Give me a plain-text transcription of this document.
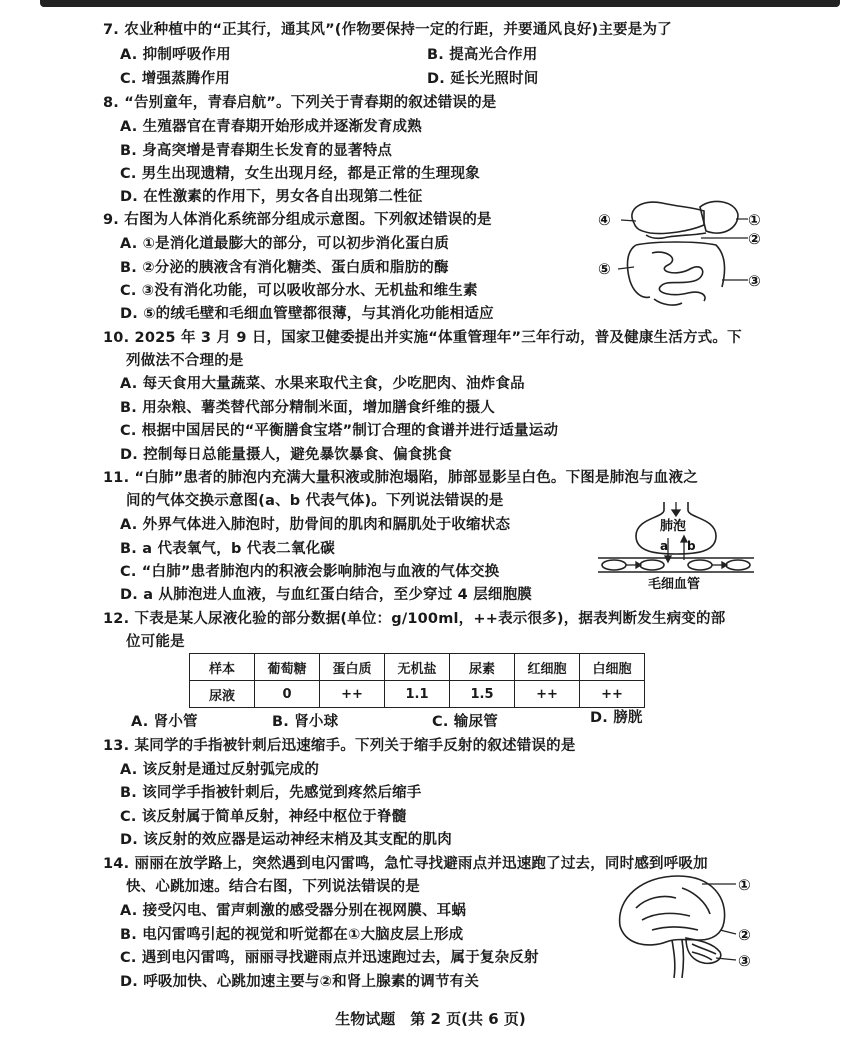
7. 农业种植中的“正其行，通其风”(作物要保持一定的行距，并要通风良好)主要是为了
A. 抑制呼吸作用	B. 提高光合作用
C. 增强蒸腾作用	D. 延长光照时间
8. “告别童年，青春启航”。下列关于青春期的叙述错误的是
A. 生殖器官在青春期开始形成并逐渐发育成熟
B. 身高突增是青春期生长发育的显著特点
C. 男生出现遗精，女生出现月经，都是正常的生理现象
D. 在性激素的作用下，男女各自出现第二性征
9. 右图为人体消化系统部分组成示意图。下列叙述错误的是
A. ①是消化道最膨大的部分，可以初步消化蛋白质
B. ②分泌的胰液含有消化糖类、蛋白质和脂肪的酶
C. ③没有消化功能，可以吸收部分水、无机盐和维生素
D. ⑤的绒毛壁和毛细血管壁都很薄，与其消化功能相适应
④	①
②
⑤
③
10. 2025 年 3 月 9 日，国家卫健委提出并实施“体重管理年”三年行动，普及健康生活方式。下
列做法不合理的是
A. 每天食用大量蔬菜、水果来取代主食，少吃肥肉、油炸食品
B. 用杂粮、薯类替代部分精制米面，增加膳食纤维的摄人
C. 根据中国居民的“平衡膳食宝塔”制订合理的食谱并进行适量运动
D. 控制每日总能量摄人，避免暴饮暴食、偏食挑食
11. “白肺”患者的肺泡内充满大量积液或肺泡塌陷，肺部显影呈白色。下图是肺泡与血液之
间的气体交换示意图(a、b 代表气体)。下列说法错误的是
A. 外界气体进入肺泡时，肋骨间的肌肉和膈肌处于收缩状态
B. a 代表氧气，b 代表二氧化碳
C. “白肺”患者肺泡内的积液会影响肺泡与血液的气体交换
D. a 从肺泡进人血液，与血红蛋白结合，至少穿过 4 层细胞膜
肺泡
a b
毛细血管
12. 下表是某人尿液化验的部分数据(单位：g/100ml，++表示很多)，据表判断发生病变的部
位可能是
样本	葡萄糖	蛋白质	无机盐	尿素	红细胞	白细胞
尿液	0	++	1.1	1.5	++	++
A. 肾小管	B. 肾小球	C. 输尿管	D. 膀胱
13. 某同学的手指被针刺后迅速缩手。下列关于缩手反射的叙述错误的是
A. 该反射是通过反射弧完成的
B. 该同学手指被针刺后，先感觉到疼然后缩手
C. 该反射属于简单反射，神经中枢位于脊髓
D. 该反射的效应器是运动神经末梢及其支配的肌肉
14. 丽丽在放学路上，突然遇到电闪雷鸣，急忙寻找避雨点并迅速跑了过去，同时感到呼吸加
快、心跳加速。结合右图，下列说法错误的是
A. 接受闪电、雷声刺激的感受器分别在视网膜、耳蜗
B. 电闪雷鸣引起的视觉和听觉都在①大脑皮层上形成
C. 遇到电闪雷鸣，丽丽寻找避雨点并迅速跑过去，属于复杂反射
D. 呼吸加快、心跳加速主要与②和肾上腺素的调节有关
①
②
③
生物试题　第 2 页(共 6 页)
